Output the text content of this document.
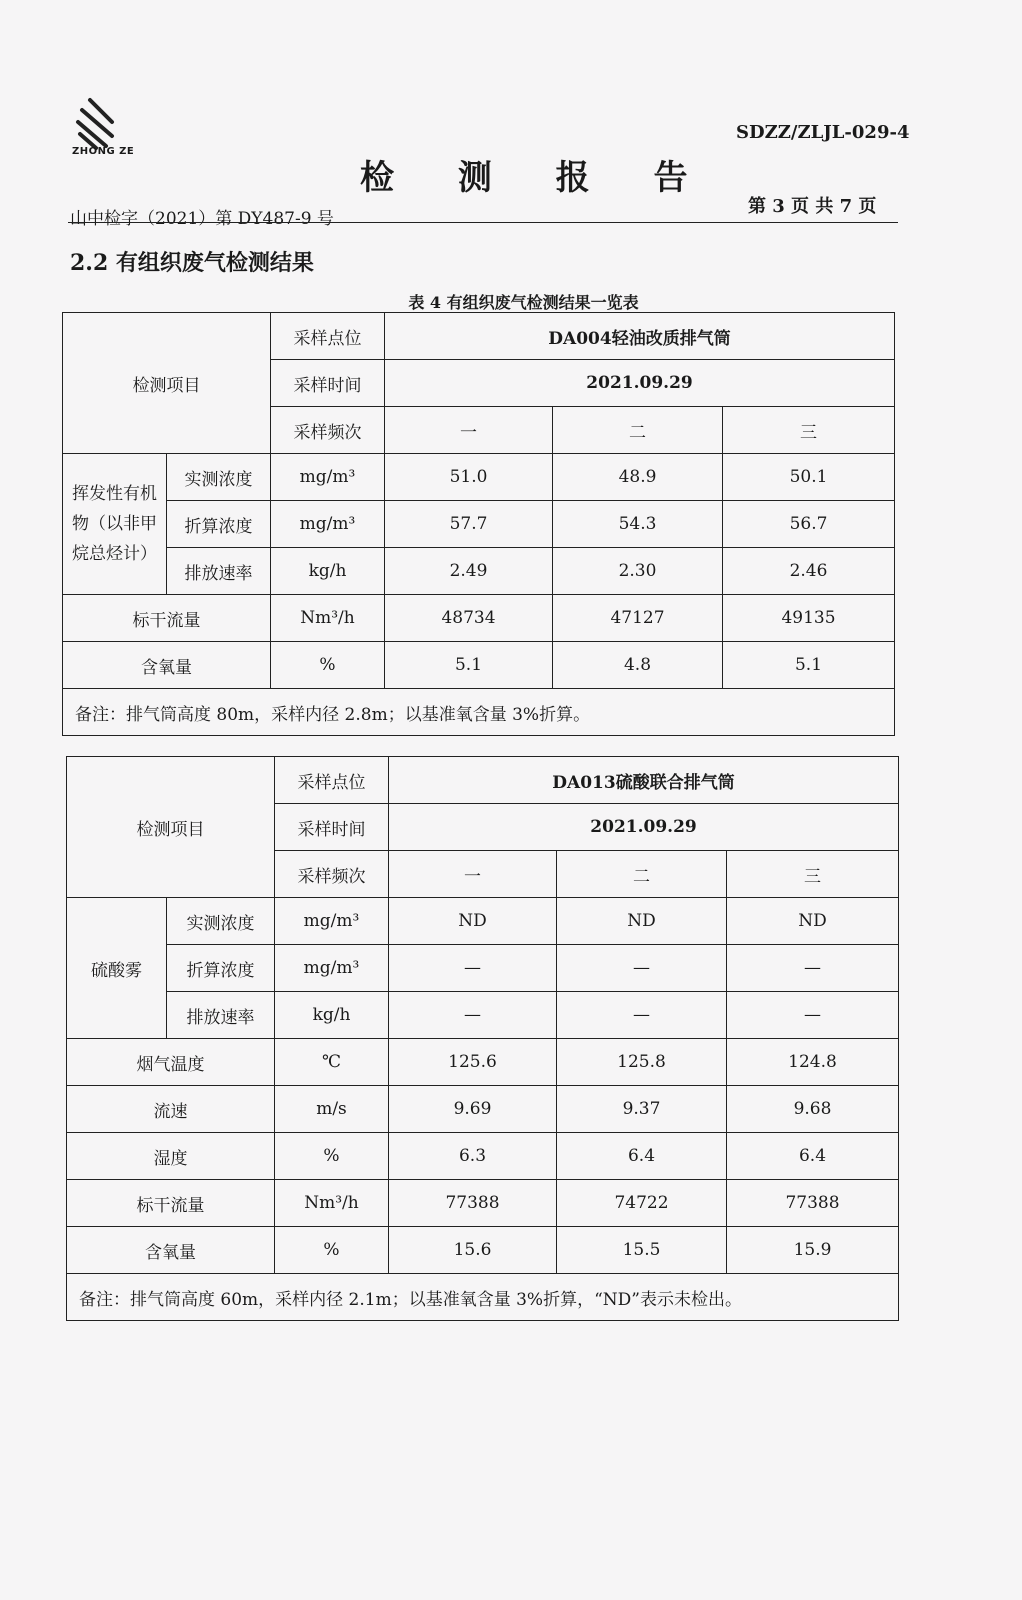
ZHONG ZE
SDZZ/ZLJL-029-4
检 测 报 告
山中检字（2021）第 DY487-9 号
第 3 页 共 7 页
2.2 有组织废气检测结果
表 4 有组织废气检测结果一览表
检测项目		采样点位	DA004轻油改质排气筒		
		采样时间	2021.09.29		
		采样频次	一	二	三
挥发性有机物（以非甲烷总烃计）	实测浓度	mg/m³	51.0	48.9	50.1
	折算浓度	mg/m³	57.7	54.3	56.7
	排放速率	kg/h	2.49	2.30	2.46
标干流量		Nm³/h	48734	47127	49135
含氧量		%	5.1	4.8	5.1
备注：排气筒高度 80m，采样内径 2.8m；以基准氧含量 3%折算。					
检测项目		采样点位	DA013硫酸联合排气筒		
		采样时间	2021.09.29		
		采样频次	一	二	三
硫酸雾	实测浓度	mg/m³	ND	ND	ND
	折算浓度	mg/m³	—	—	—
	排放速率	kg/h	—	—	—
烟气温度		℃	125.6	125.8	124.8
流速		m/s	9.69	9.37	9.68
湿度		%	6.3	6.4	6.4
标干流量		Nm³/h	77388	74722	77388
含氧量		%	15.6	15.5	15.9
备注：排气筒高度 60m，采样内径 2.1m；以基准氧含量 3%折算，“ND”表示未检出。					
